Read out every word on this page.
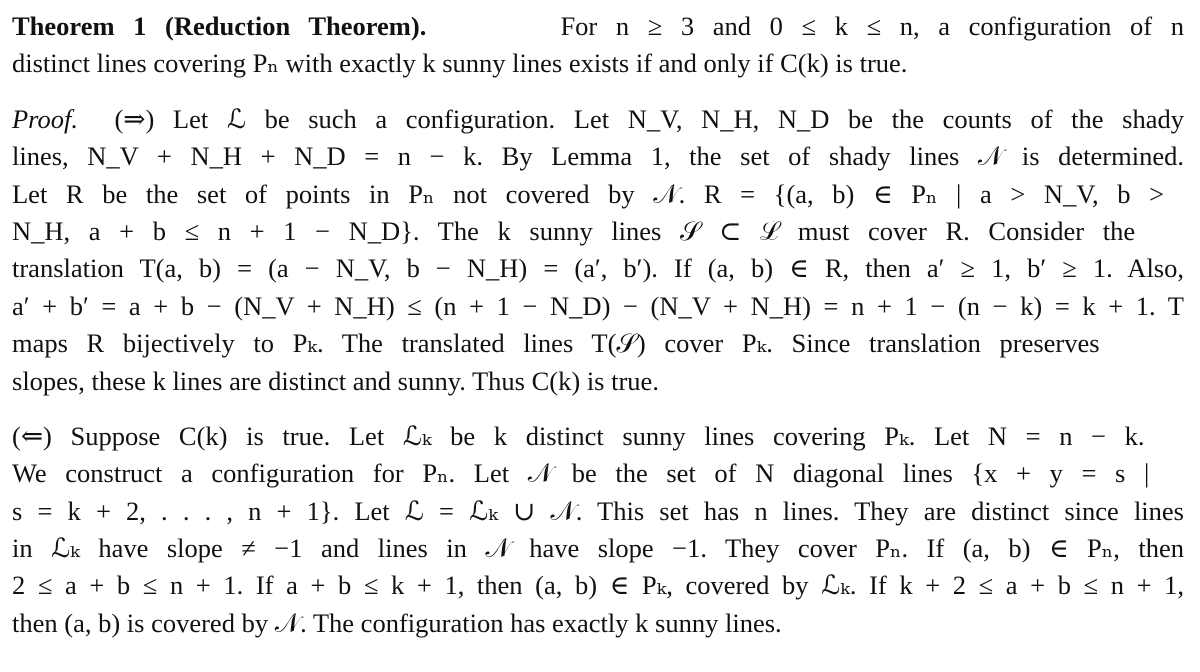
Theorem 1 (Reduction Theorem).	For n ≥ 3 and 0 ≤ k ≤ n, a configuration of n
distinct lines covering Pₙ with exactly k sunny lines exists if and only if C(k) is true.
Proof. (⇒) Let ℒ be such a configuration. Let N_V, N_H, N_D be the counts of the shady
lines, N_V + N_H + N_D = n − k. By Lemma 1, the set of shady lines 𝒩 is determined.
Let R be the set of points in Pₙ not covered by 𝒩. R = {(a, b) ∈ Pₙ | a > N_V, b >
N_H, a + b ≤ n + 1 − N_D}. The k sunny lines 𝒮 ⊂ ℒ must cover R. Consider the
translation T(a, b) = (a − N_V, b − N_H) = (a′, b′). If (a, b) ∈ R, then a′ ≥ 1, b′ ≥ 1. Also,
a′ + b′ = a + b − (N_V + N_H) ≤ (n + 1 − N_D) − (N_V + N_H) = n + 1 − (n − k) = k + 1. T
maps R bijectively to Pₖ. The translated lines T(𝒮) cover Pₖ. Since translation preserves
slopes, these k lines are distinct and sunny. Thus C(k) is true.
(⇐) Suppose C(k) is true. Let ℒₖ be k distinct sunny lines covering Pₖ. Let N = n − k.
We construct a configuration for Pₙ. Let 𝒩 be the set of N diagonal lines {x + y = s |
s = k + 2, . . . , n + 1}. Let ℒ = ℒₖ ∪ 𝒩. This set has n lines. They are distinct since lines
in ℒₖ have slope ≠ −1 and lines in 𝒩 have slope −1. They cover Pₙ. If (a, b) ∈ Pₙ, then
2 ≤ a + b ≤ n + 1. If a + b ≤ k + 1, then (a, b) ∈ Pₖ, covered by ℒₖ. If k + 2 ≤ a + b ≤ n + 1,
then (a, b) is covered by 𝒩. The configuration has exactly k sunny lines.
